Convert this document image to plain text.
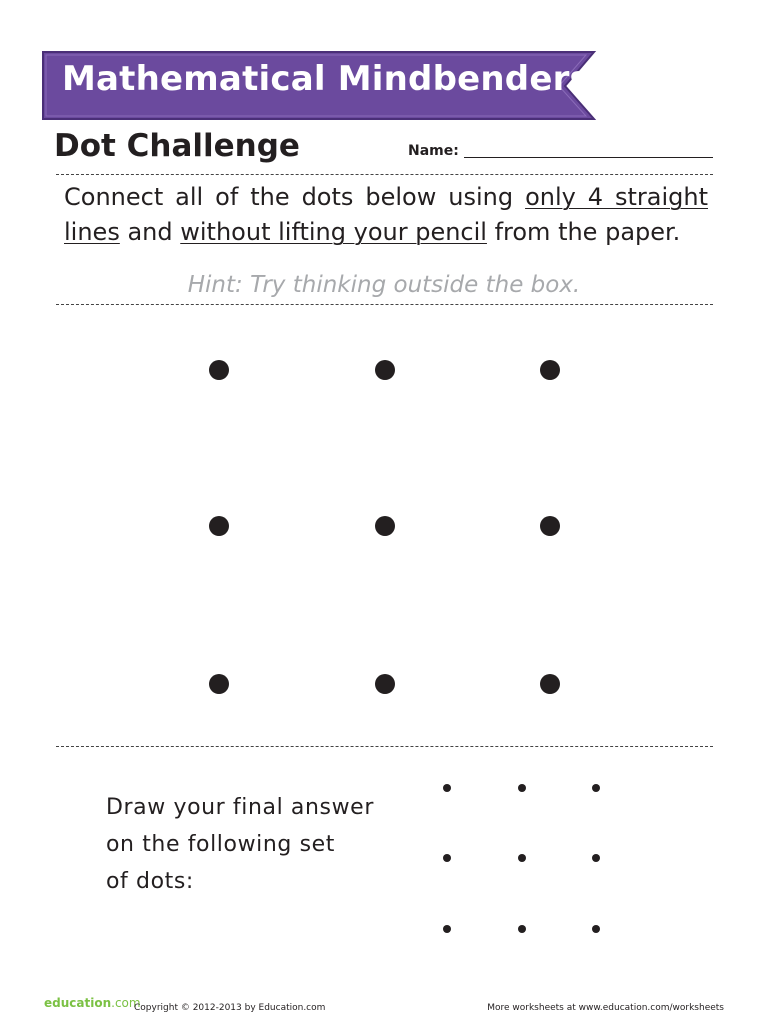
Mathematical Mindbenders!
Dot Challenge	Name:
Connect all of the dots below using only 4 straight
lines and without lifting your pencil from the paper.
Hint: Try thinking outside the box.
Draw your final answer
on the following set
of dots:
education.com
Copyright © 2012-2013 by Education.com	More worksheets at www.education.com/worksheets
